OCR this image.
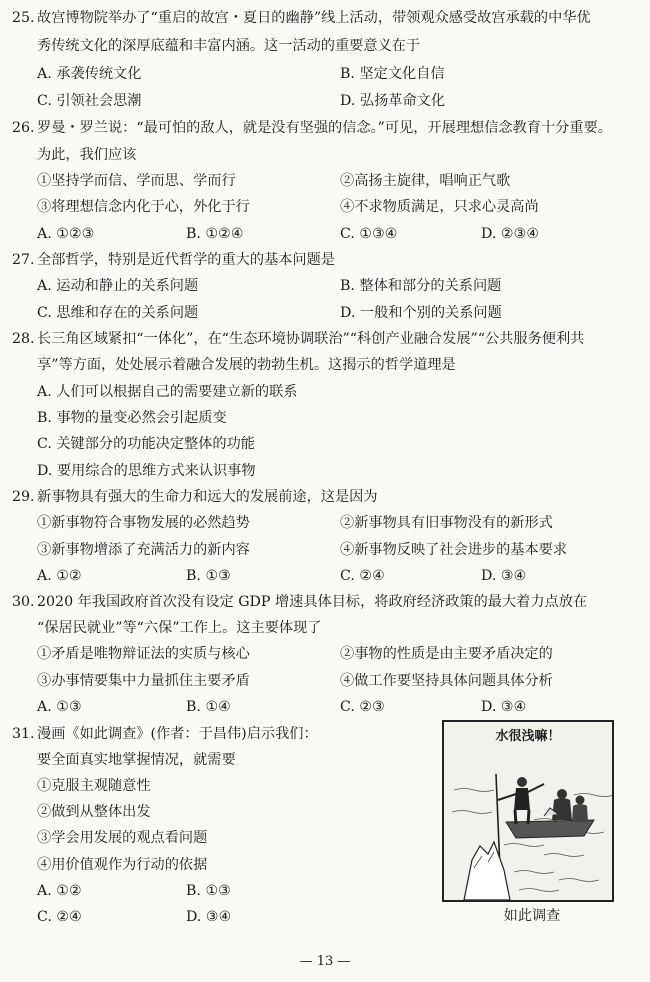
25. 故宫博物院举办了“重启的故宫・夏日的幽静”线上活动，带领观众感受故宫承载的中华优
秀传统文化的深厚底蕴和丰富内涵。这一活动的重要意义在于
A. 承袭传统文化	B. 坚定文化自信
C. 引领社会思潮	D. 弘扬革命文化
26. 罗曼・罗兰说：“最可怕的敌人，就是没有坚强的信念。”可见，开展理想信念教育十分重要。
为此，我们应该
①坚持学而信、学而思、学而行	②高扬主旋律，唱响正气歌
③将理想信念内化于心，外化于行	④不求物质满足，只求心灵高尚
A. ①②③	B. ①②④	C. ①③④	D. ②③④
27. 全部哲学，特别是近代哲学的重大的基本问题是
A. 运动和静止的关系问题	B. 整体和部分的关系问题
C. 思维和存在的关系问题	D. 一般和个别的关系问题
28. 长三角区域紧扣“一体化”，在“生态环境协调联治”“科创产业融合发展”“公共服务便利共
享”等方面，处处展示着融合发展的勃勃生机。这揭示的哲学道理是
A. 人们可以根据自己的需要建立新的联系
B. 事物的量变必然会引起质变
C. 关键部分的功能决定整体的功能
D. 要用综合的思维方式来认识事物
29. 新事物具有强大的生命力和远大的发展前途，这是因为
①新事物符合事物发展的必然趋势	②新事物具有旧事物没有的新形式
③新事物增添了充满活力的新内容	④新事物反映了社会进步的基本要求
A. ①②	B. ①③	C. ②④	D. ③④
30. 2020 年我国政府首次没有设定 GDP 增速具体目标，将政府经济政策的最大着力点放在
“保居民就业”等“六保”工作上。这主要体现了
①矛盾是唯物辩证法的实质与核心	②事物的性质是由主要矛盾决定的
③办事情要集中力量抓住主要矛盾	④做工作要坚持具体问题具体分析
A. ①③	B. ①④	C. ②③	D. ③④
31. 漫画《如此调查》(作者：于昌伟)启示我们：
要全面真实地掌握情况，就需要
①克服主观随意性
②做到从整体出发
③学会用发展的观点看问题
④用价值观作为行动的依据
A. ①②	B. ①③
C. ②④	D. ③④
水很浅嘛！
如此调查
— 13 —
